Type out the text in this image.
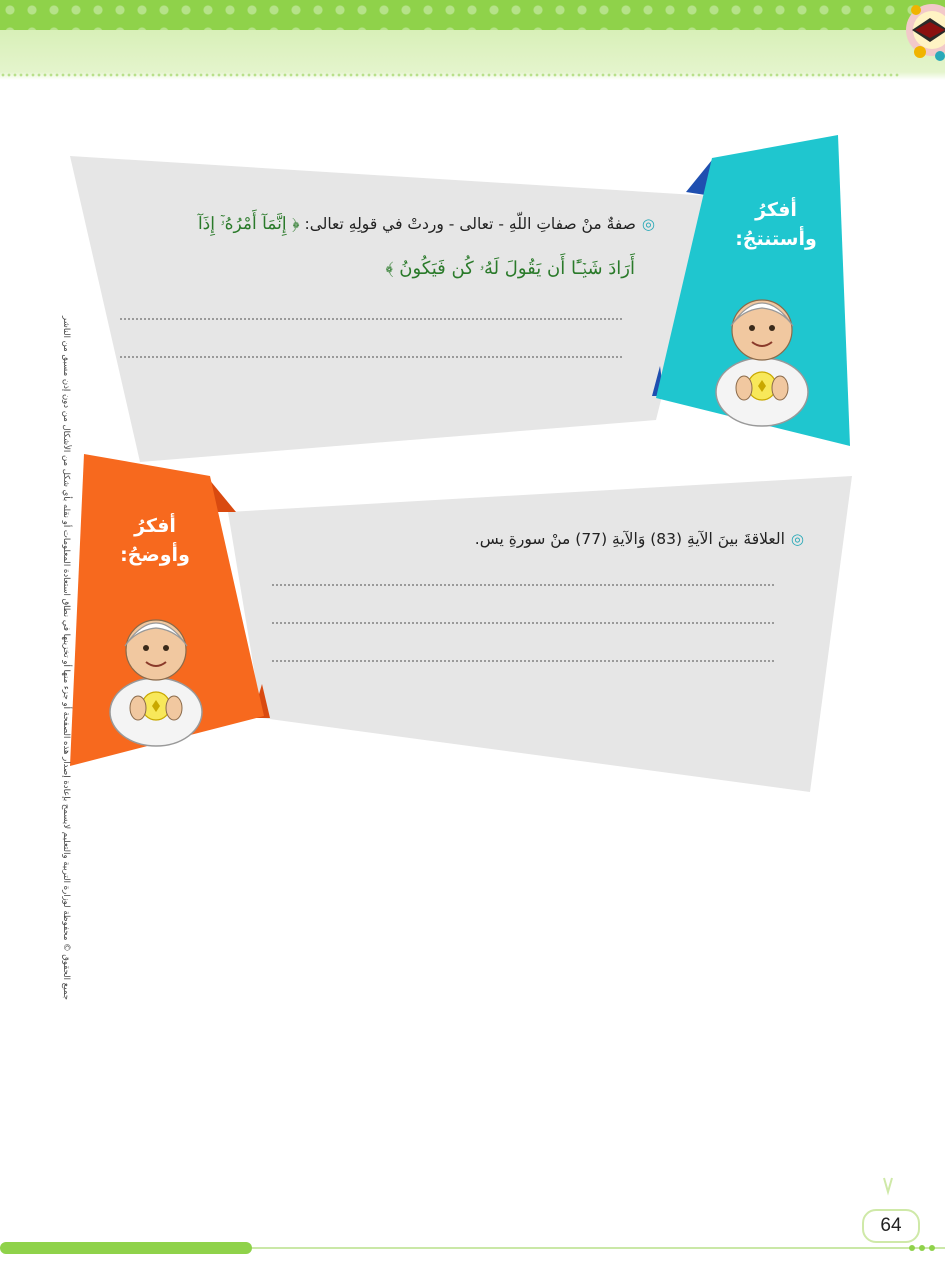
جميع الحقوق © محفوظة لوزارة التربية والتعليم لايسمح بإعادة إصدار هذه الصفحة أو جزء منها أو تخزينها في نطاق استعادة المعلومات أو نقله بأي شكل من الأشكال من دون إذن مسبق من الناشر
أفكرُ
وأستنتجُ:
◎صفةٌ منْ صفاتِ اللّهِ - تعالى - وردتْ في قولِهِ تعالى: ﴿ إِنَّمَآ أَمْرُهُۥٓ إِذَآ
أَرَادَ شَيۡـًٔا أَن يَقُولَ لَهُۥ كُن فَيَكُونُ ﴾
أفكرُ
وأوضحُ:
◎العلاقةَ بينَ الآيةِ (83) وَالآيةِ (77) منْ سورةِ يس.
64
